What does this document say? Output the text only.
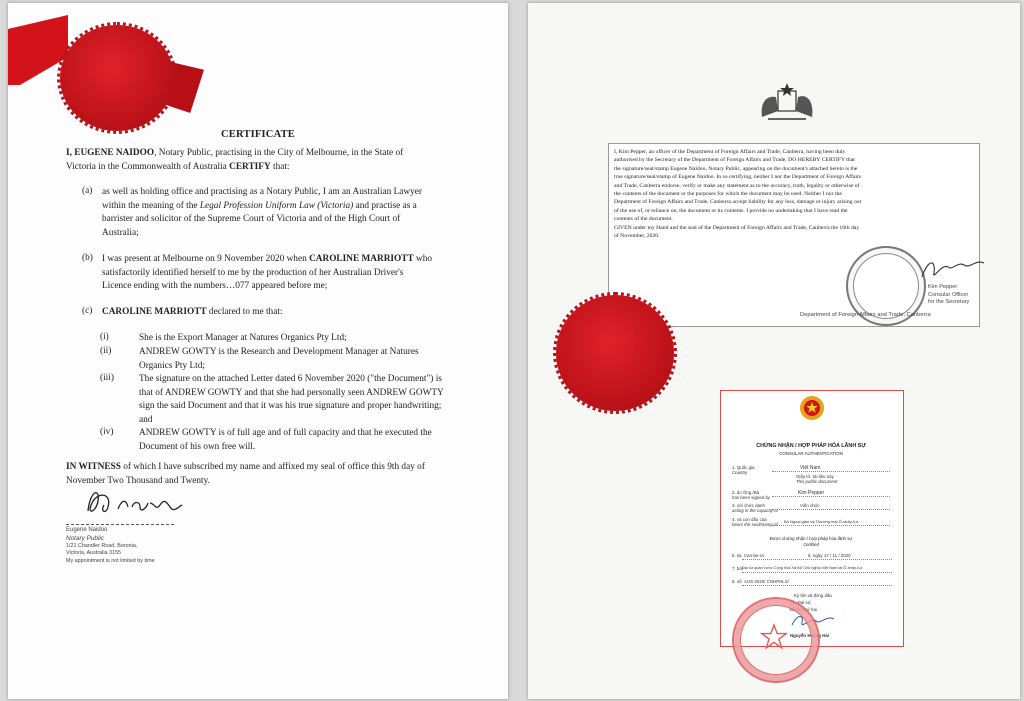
CERTIFICATE
I, EUGENE NAIDOO, Notary Public, practising in the City of Melbourne, in the State of
Victoria in the Commonwealth of Australia CERTIFY that:
(a) as well as holding office and practising as a Notary Public, I am an Australian Lawyer
within the meaning of the Legal Profession Uniform Law (Victoria) and practise as a
barrister and solicitor of the Supreme Court of Victoria and of the High Court of
Australia;
(b) I was present at Melbourne on 9 November 2020 when CAROLINE MARRIOTT who
satisfactorily identified herself to me by the production of her Australian Driver's
Licence ending with the numbers…077 appeared before me;
(c) CAROLINE MARRIOTT declared to me that:
(i)	She is the Export Manager at Natures Organics Pty Ltd;
(ii)	ANDREW GOWTY is the Research and Development Manager at Natures
Organics Pty Ltd;
(iii)	The signature on the attached Letter dated 6 November 2020 ("the Document") is
that of ANDREW GOWTY and that she had personally seen ANDREW GOWTY
sign the said Document and that it was his true signature and proper handwriting;
and
(iv)	ANDREW GOWTY is of full age and of full capacity and that he executed the
Document of his own free will.
IN WITNESS of which I have subscribed my name and affixed my seal of office this 9th day of
November Two Thousand and Twenty.
Eugene Naidoo
Notary Public
1/21 Chandler Road, Boronia,
Victoria, Australia 3155
My appointment is not limited by time
I, Kim Pepper, an officer of the Department of Foreign Affairs and Trade, Canberra, having been duly
authorised by the Secretary of the Department of Foreign Affairs and Trade, DO HEREBY CERTIFY that
the signature/seal/stamp Eugene Naidoo, Notary Public, appearing on the document's attached hereto is the
true signature/seal/stamp of Eugene Naidoo. In so certifying, neither I nor the Department of Foreign Affairs
and Trade, Canberra endorse, verify or make any statement as to the accuracy, truth, legality or otherwise of
the contents of the document or the purposes for which the document may be used. Neither I nor the
Department of Foreign Affairs and Trade, Canberra accept liability for any loss, damage or injury arising out
of the use of, or reliance on, the document or its contents. I provide no undertaking that I have read the
contents of the document.
GIVEN under my Hand and the seal of the Department of Foreign Affairs and Trade, Canberra the 16th day
of November, 2020.
Kim Pepper
Consular Officer
for the Secretary
Department of Foreign Affairs and Trade, Canberra
CHỨNG NHẬN / HỢP PHÁP HÓA LÃNH SỰ
CONSULAR AUTHENTICATION
1. Quốc gia
Country
Việt Nam
Giấy tờ, tài liệu này
This public document
2. do Ông /Bà
has been signed by
Kim Pepper
3. với chức danh
acting in the capacity of
Viên chức
4. và con dấu của
bears the seal/stamp of
Bộ Ngoại giao và Thương mại Ô-xtrây-li-a
Được chứng nhận / hợp pháp hóa lãnh sự
Certified
5. tại Can-be-ra	6. ngày 17 / 11 / 2020
7. bởi
Đại sứ quán nước Cộng hòa Xã hội Chủ nghĩa Việt Nam tại Ô-xtrây-li-a
8. số AUS-2020/ CNHPHLS/
Ký tên và đóng dấu
TL. Đại sứ
Bí thư thứ hai
Nguyễn Hoàng Hải
